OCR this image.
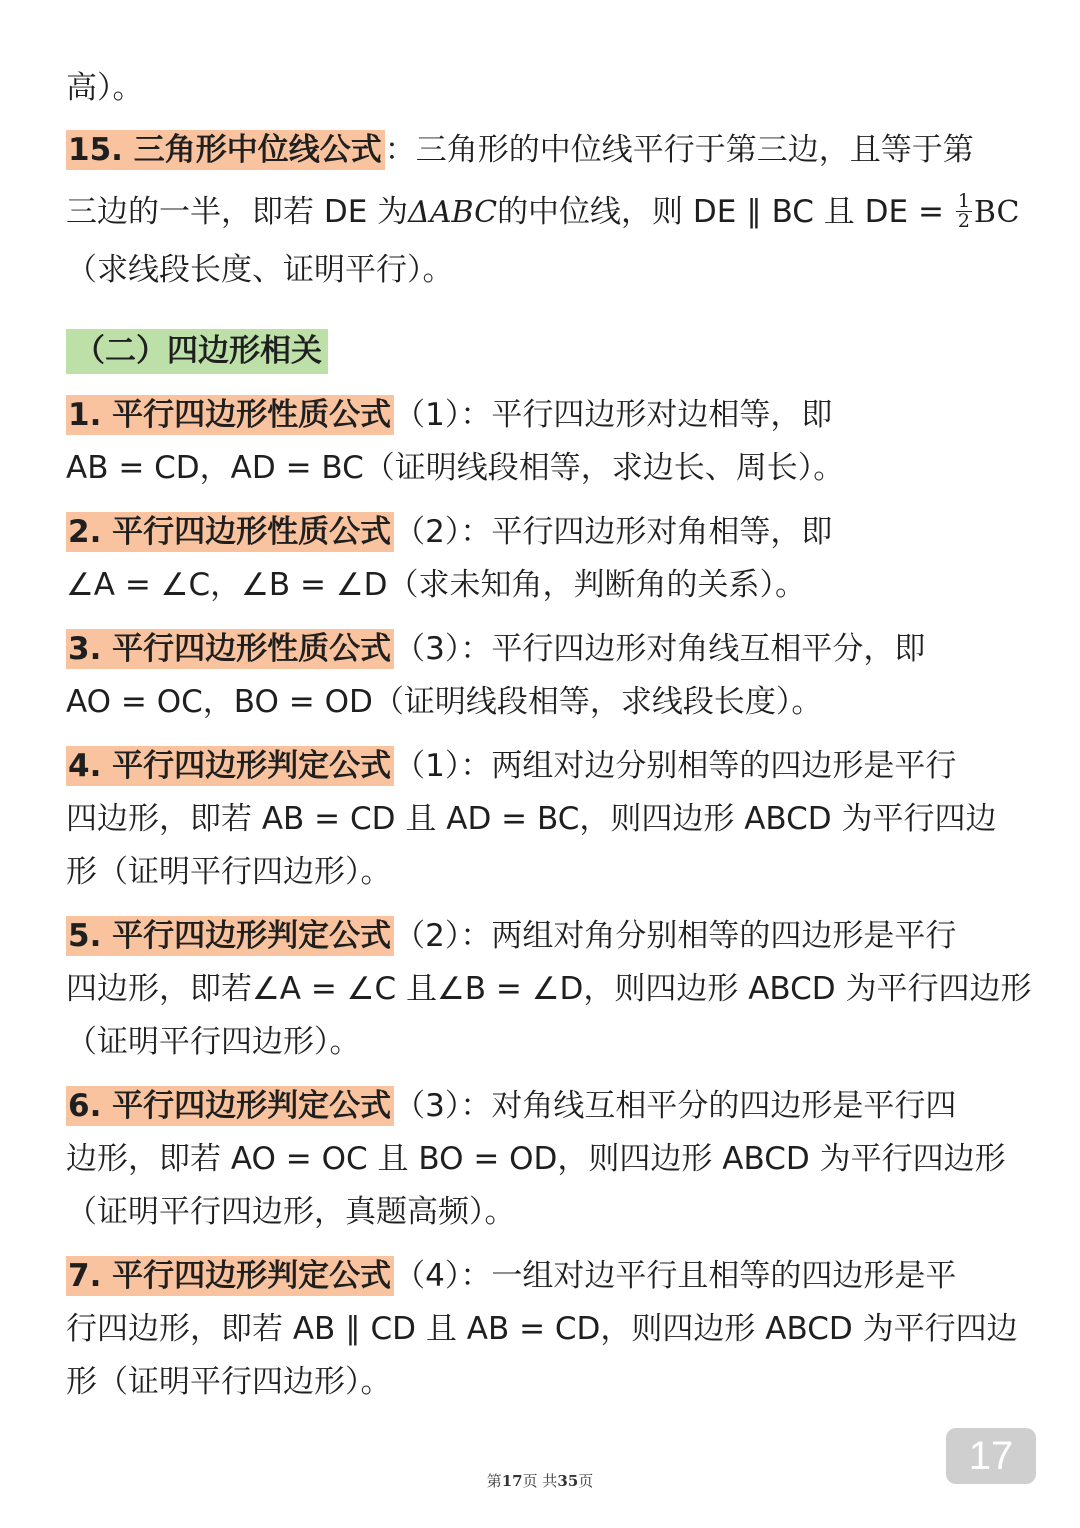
高）。
15. 三角形中位线公式：三角形的中位线平行于第三边，且等于第
三边的一半，即若 DE 为ΔABC的中位线，则 DE ∥ BC 且 DE = $\frac{1}{2}$ BC
（求线段长度、证明平行）。
（二）四边形相关
1. 平行四边形性质公式（1）：平行四边形对边相等，即
AB = CD，AD = BC（证明线段相等，求边长、周长）。
2. 平行四边形性质公式（2）：平行四边形对角相等，即
∠A = ∠C，∠B = ∠D（求未知角，判断角的关系）。
3. 平行四边形性质公式（3）：平行四边形对角线互相平分，即
AO = OC，BO = OD（证明线段相等，求线段长度）。
4. 平行四边形判定公式（1）：两组对边分别相等的四边形是平行
四边形，即若 AB = CD 且 AD = BC，则四边形 ABCD 为平行四边
形（证明平行四边形）。
5. 平行四边形判定公式（2）：两组对角分别相等的四边形是平行
四边形，即若∠A = ∠C 且∠B = ∠D，则四边形 ABCD 为平行四边形
（证明平行四边形）。
6. 平行四边形判定公式（3）：对角线互相平分的四边形是平行四
边形，即若 AO = OC 且 BO = OD，则四边形 ABCD 为平行四边形
（证明平行四边形，真题高频）。
7. 平行四边形判定公式（4）：一组对边平行且相等的四边形是平
行四边形，即若 AB ∥ CD 且 AB = CD，则四边形 ABCD 为平行四边
形（证明平行四边形）。
17
第17页 共35页
